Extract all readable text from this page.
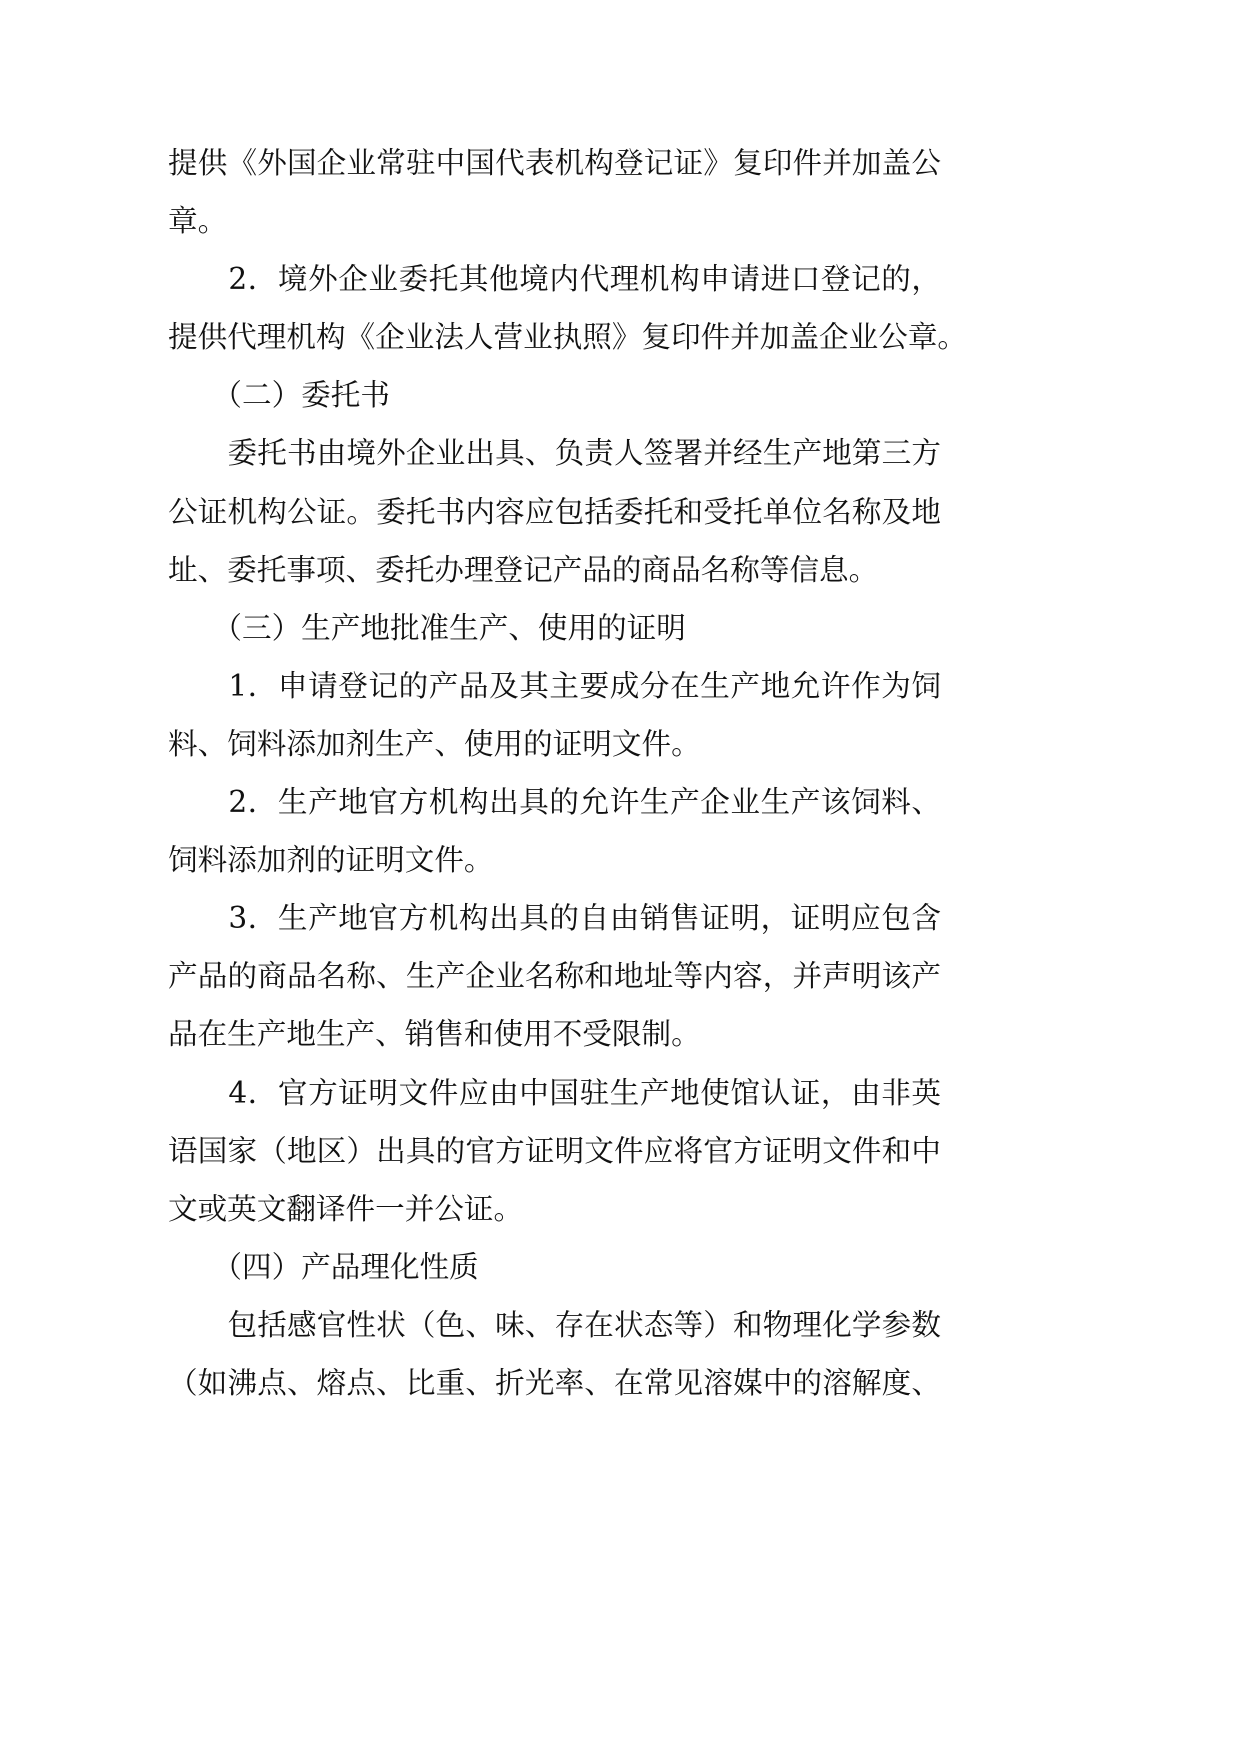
提供《外国企业常驻中国代表机构登记证》复印件并加盖公
章。
　　2．境外企业委托其他境内代理机构申请进口登记的，
提供代理机构《企业法人营业执照》复印件并加盖企业公章。
　　（二）委托书
　　委托书由境外企业出具、负责人签署并经生产地第三方
公证机构公证。委托书内容应包括委托和受托单位名称及地
址、委托事项、委托办理登记产品的商品名称等信息。
　　（三）生产地批准生产、使用的证明
　　1．申请登记的产品及其主要成分在生产地允许作为饲
料、饲料添加剂生产、使用的证明文件。
　　2．生产地官方机构出具的允许生产企业生产该饲料、
饲料添加剂的证明文件。
　　3．生产地官方机构出具的自由销售证明，证明应包含
产品的商品名称、生产企业名称和地址等内容，并声明该产
品在生产地生产、销售和使用不受限制。
　　4．官方证明文件应由中国驻生产地使馆认证，由非英
语国家（地区）出具的官方证明文件应将官方证明文件和中
文或英文翻译件一并公证。
　　（四）产品理化性质
　　包括感官性状（色、味、存在状态等）和物理化学参数
（如沸点、熔点、比重、折光率、在常见溶媒中的溶解度、
